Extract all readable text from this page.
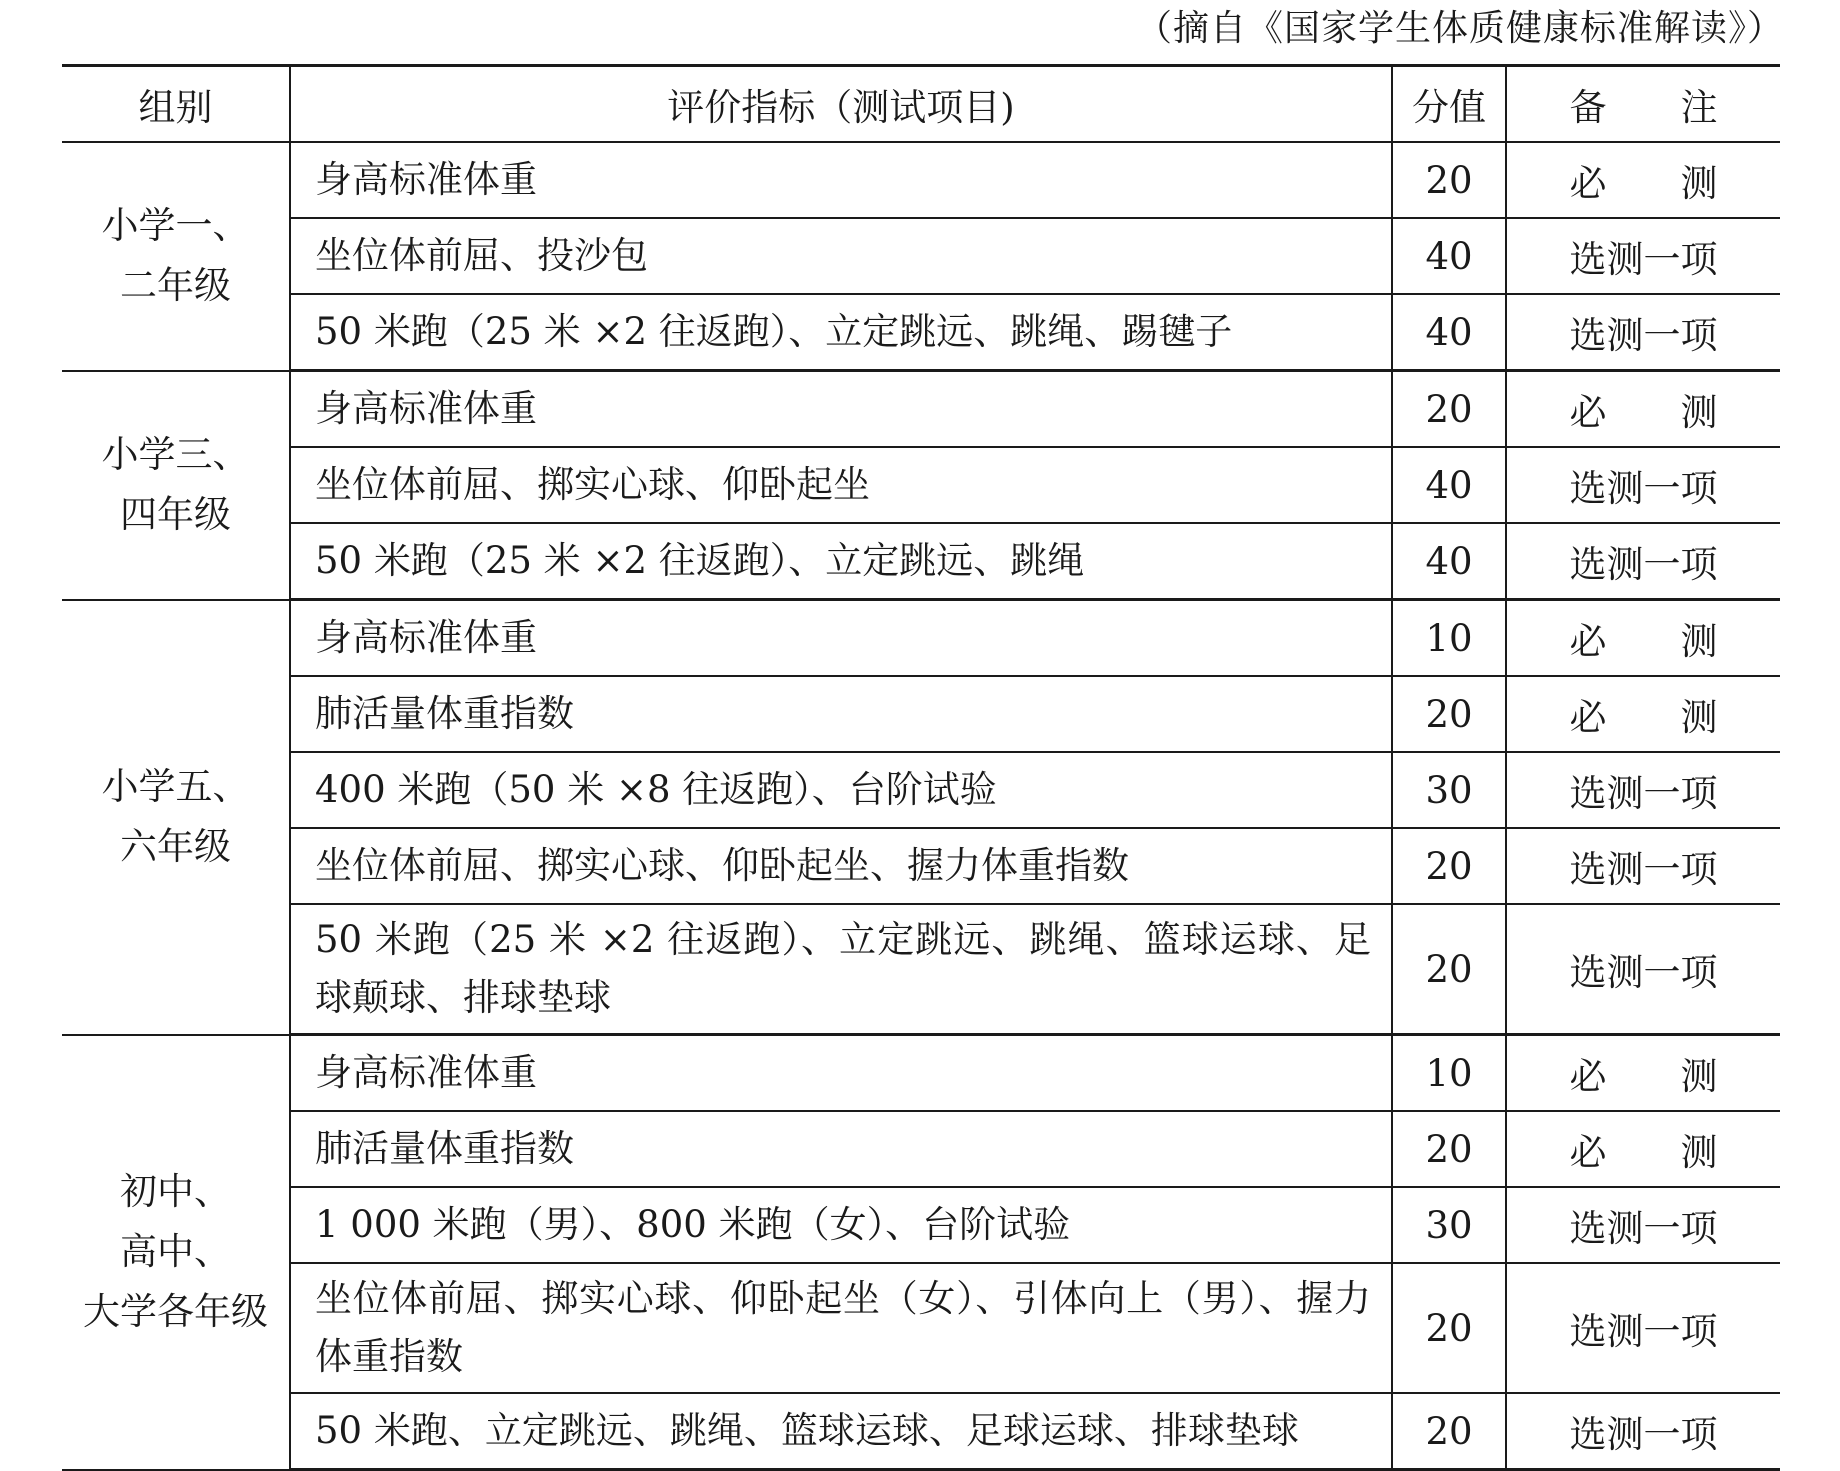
（摘自《国家学生体质健康标准解读》）
组别	评价指标（测试项目)	分值	备　　注
小学一、
二年级	身高标准体重	20	必　　测
	坐位体前屈、投沙包	40	选测一项
	50 米跑（25 米 ×2 往返跑）、立定跳远、跳绳、踢毽子	40	选测一项
小学三、
四年级	身高标准体重	20	必　　测
	坐位体前屈、掷实心球、仰卧起坐	40	选测一项
	50 米跑（25 米 ×2 往返跑）、立定跳远、跳绳	40	选测一项
小学五、
六年级	身高标准体重	10	必　　测
	肺活量体重指数	20	必　　测
	400 米跑（50 米 ×8 往返跑）、台阶试验	30	选测一项
	坐位体前屈、掷实心球、仰卧起坐、握力体重指数	20	选测一项
	50 米跑（25 米 ×2 往返跑）、立定跳远、跳绳、篮球运球、足球颠球、排球垫球	20	选测一项
初中、
高中、
大学各年级	身高标准体重	10	必　　测
	肺活量体重指数	20	必　　测
	1 000 米跑（男）、800 米跑（女）、台阶试验	30	选测一项
	坐位体前屈、掷实心球、仰卧起坐（女）、引体向上（男）、握力体重指数	20	选测一项
	50 米跑、立定跳远、跳绳、篮球运球、足球运球、排球垫球	20	选测一项
